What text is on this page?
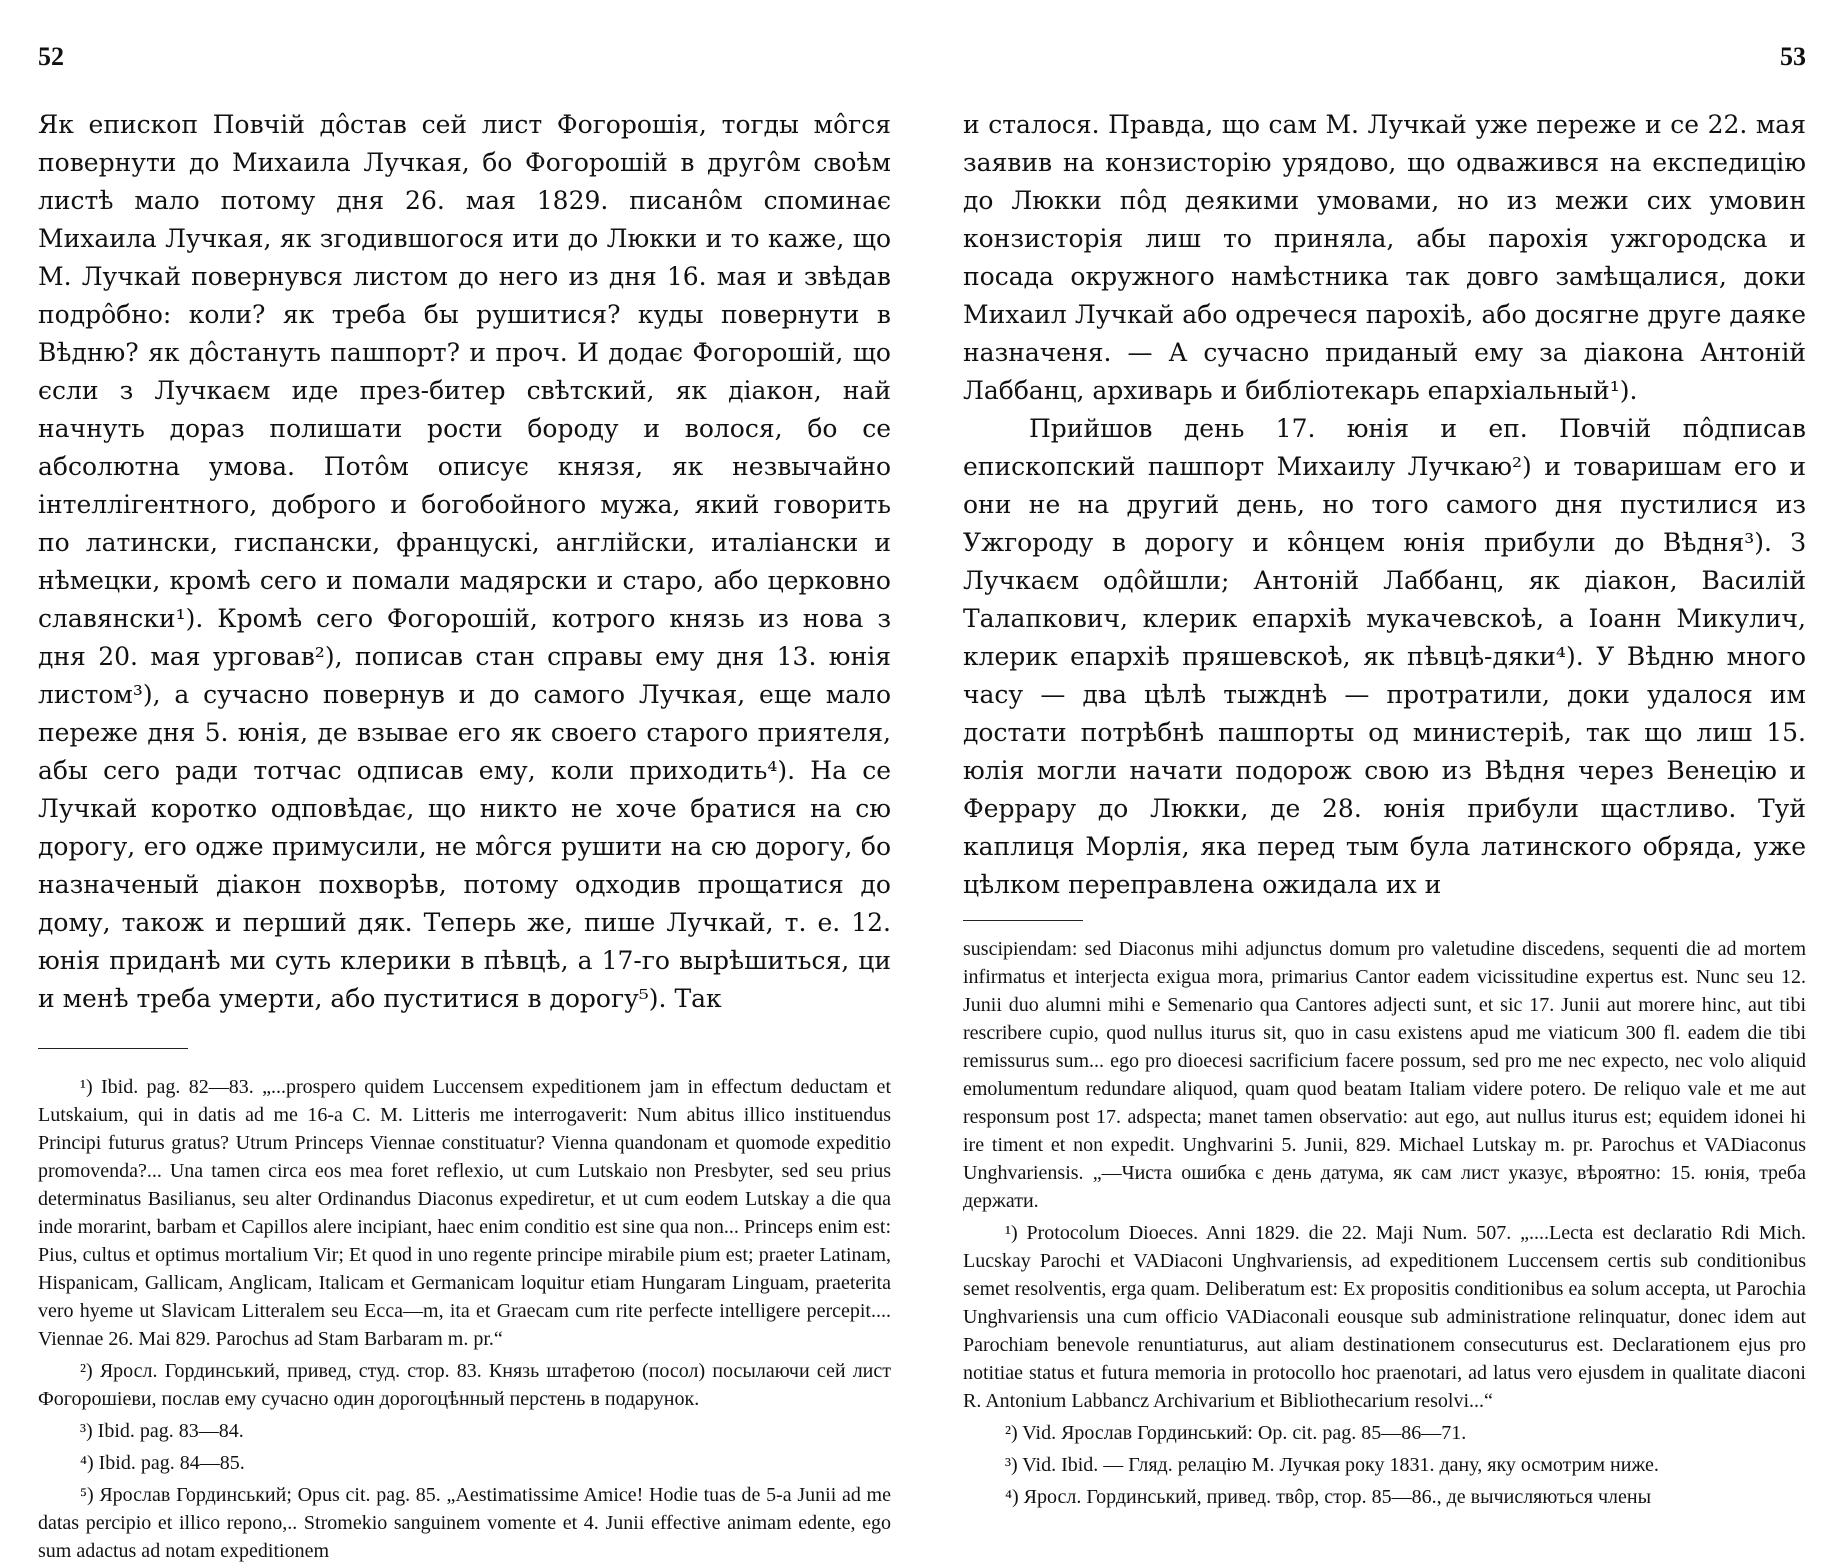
52

Як епископ Повчій дôстав сей лист Фогорошія, тогды мôгся повернути до Михаила Лучкая, бо Фогорошій в другôм своѣм листѣ мало потому дня 26. мая 1829. писанôм споминає Михаила Лучкая, як згодившогося ити до Люкки и то каже, що М. Лучкай повернувся листом до него из дня 16. мая и звѣдав подрôбно: коли? як треба бы рушитися? куды повернути в Вѣдню? як дôстануть пашпорт? и проч. И додає Фогорошій, що єсли з Лучкаєм иде през-битер свѣтский, як діакон, най начнуть дораз полишати рости бороду и волося, бо се абсолютна умова. Потôм описує князя, як незвычайно інтеллігентного, доброго и богобойного мужа, який говорить по латински, гиспански, францускі, англійски, италіански и нѣмецки, кромѣ сего и помали мадярски и старо, або церковно славянски¹). Кромѣ сего Фогорошій, котрого князь из нова з дня 20. мая урговав²), пописав стан справы ему дня 13. юнія листом³), а сучасно повернув и до самого Лучкая, еще мало переже дня 5. юнія, де взывае его як своего старого приятеля, абы сего ради тотчас одписав ему, коли приходить⁴). На се Лучкай коротко одповѣдає, що никто не хоче братися на сю дорогу, его одже примусили, не мôгся рушити на сю дорогу, бо назначеный діакон похворѣв, потому одходив прощатися до дому, також и перший дяк. Теперь же, пише Лучкай, т. е. 12. юнія приданѣ ми суть клерики в пѣвцѣ, а 17-го вырѣшиться, ци и менѣ треба умерти, або пуститися в дорогу⁵). Так

¹) Ibid. pag. 82—83. „...prospero quidem Luccensem expeditionem jam in effectum deductam et Lutskaium, qui in datis ad me 16-a C. M. Litteris me interrogaverit: Num abitus illico instituendus Principi futurus gratus? Utrum Princeps Viennae constituatur? Vienna quandonam et quomode expeditio promovenda?... Una tamen circa eos mea foret reflexio, ut cum Lutskaio non Presbyter, sed seu prius determinatus Basilianus, seu alter Ordinandus Diaconus expediretur, et ut cum eodem Lutskay a die qua inde morarint, barbam et Capillos alere incipiant, haec enim conditio est sine qua non... Princeps enim est: Pius, cultus et optimus mortalium Vir; Et quod in uno regente principe mirabile pium est; praeter Latinam, Hispanicam, Gallicam, Anglicam, Italicam et Germanicam loquitur etiam Hungaram Linguam, praeterita vero hyeme ut Slavicam Litteralem seu Ecca—m, ita et Graecam cum rite perfecte intelligere percepit.... Viennae 26. Mai 829. Parochus ad Stam Barbaram m. pr.“

²) Яросл. Гординський, привед, студ. стор. 83. Князь штафетою (посол) посылаючи сей лист Фогорошіеви, послав ему сучасно один дорогоцѣнный перстень в подарунок.

³) Ibid. pag. 83—84.

⁴) Ibid. pag. 84—85.

⁵) Ярослав Гординський; Opus cit. pag. 85. „Aestimatissime Amice! Hodie tuas de 5-a Junii ad me datas percipio et illico repono,.. Stromekio sanguinem vomente et 4. Junii effective animam edente, ego sum adactus ad notam expeditionem

53

и сталося. Правда, що сам М. Лучкай уже переже и се 22. мая заявив на конзисторію урядово, що одважився на експедицію до Люкки пôд деякими умовами, но из межи сих умовин конзисторія лиш то приняла, абы парохія ужгородска и посада окружного намѣстника так довго замѣщалися, доки Михаил Лучкай або одречеся парохіѣ, або досягне друге даяке назначеня. — А сучасно приданый ему за діакона Антоній Лаббанц, архиварь и библіотекарь епархіальный¹).

Прийшов день 17. юнія и еп. Повчій пôдписав епископский пашпорт Михаилу Лучкаю²) и товаришам его и они не на другий день, но того самого дня пустилися из Ужгороду в дорогу и кôнцем юнія прибули до Вѣдня³). З Лучкаєм одôйшли; Антоній Лаббанц, як діакон, Василій Талапкович, клерик епархіѣ мукачевскоѣ, а Іоанн Микулич, клерик епархіѣ пряшевскоѣ, як пѣвцѣ-дяки⁴). У Вѣдню много часу — два цѣлѣ тыжднѣ — протратили, доки удалося им достати потрѣбнѣ пашпорты од министеріѣ, так що лиш 15. юлія могли начати подорож свою из Вѣдня через Венецію и Феррару до Люкки, де 28. юнія прибули щастливо. Туй каплиця Морлія, яка перед тым була латинского обряда, уже цѣлком переправлена ожидала их и

suscipiendam: sed Diaconus mihi adjunctus domum pro valetudine discedens, sequenti die ad mortem infirmatus et interjecta exigua mora, primarius Cantor eadem vicissitudine expertus est. Nunc seu 12. Junii duo alumni mihi e Semenario qua Cantores adjecti sunt, et sic 17. Junii aut morere hinc, aut tibi rescribere cupio, quod nullus iturus sit, quo in casu existens apud me viaticum 300 fl. eadem die tibi remissurus sum... ego pro dioecesi sacrificium facere possum, sed pro me nec expecto, nec volo aliquid emolumentum redundare aliquod, quam quod beatam Italiam videre potero. De reliquo vale et me aut responsum post 17. adspecta; manet tamen observatio: aut ego, aut nullus iturus est; equidem idonei hi ire timent et non expedit. Unghvarini 5. Junii, 829. Michael Lutskay m. pr. Parochus et VADiaconus Unghvariensis. „—Чиста ошибка є день датума, як сам лист указує, вѣроятно: 15. юнія, треба держати.

¹) Protocolum Dioeces. Anni 1829. die 22. Maji Num. 507. „....Lecta est declaratio Rdi Mich. Lucskay Parochi et VADiaconi Unghvariensis, ad expeditionem Luccensem certis sub conditionibus semet resolventis, erga quam. Deliberatum est: Ex propositis conditionibus ea solum accepta, ut Parochia Unghvariensis una cum officio VADiaconali eousque sub administratione relinquatur, donec idem aut Parochiam benevole renuntiaturus, aut aliam destinationem consecuturus est. Declarationem ejus pro notitiae status et futura memoria in protocollo hoc praenotari, ad latus vero ejusdem in qualitate diaconi R. Antonium Labbancz Archivarium et Bibliothecarium resolvi...“

²) Vid. Ярослав Гординський: Op. cit. pag. 85—86—71.

³) Vid. Ibid. — Гляд. релацію М. Лучкая року 1831. дану, яку осмотрим ниже.

⁴) Яросл. Гординський, привед. твôр, стор. 85—86., де вычисляються члены
